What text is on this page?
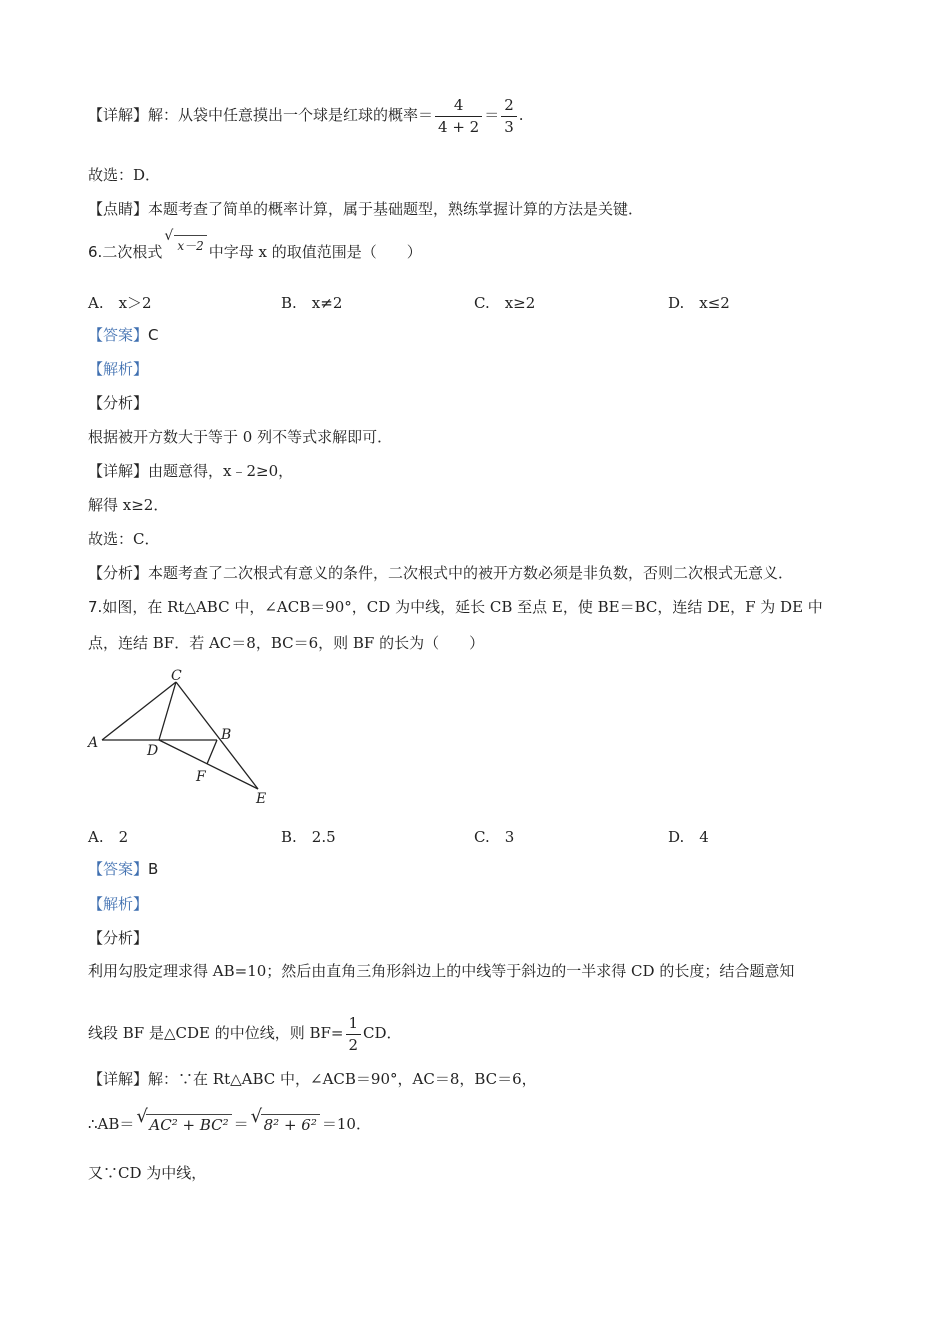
【详解】解：从袋中任意摸出一个球是红球的概率＝ $\frac{4}{4 + 2} = \frac{2}{3}$ .
故选：D．
【点睛】本题考查了简单的概率计算，属于基础题型，熟练掌握计算的方法是关键．
6.二次根式
√
x－2 中字母 x 的取值范围是（　　）
A.　x＞2	B.　x≠2	C.　x≥2	D.　x≤2
【答案】C
【解析】
【分析】
根据被开方数大于等于 0 列不等式求解即可．
【详解】由题意得，x﹣2≥0，
解得 x≥2．
故选：C．
【分析】本题考查了二次根式有意义的条件，二次根式中的被开方数必须是非负数，否则二次根式无意义．
7.如图，在 Rt△ABC 中，∠ACB＝90°，CD 为中线，延长 CB 至点 E，使 BE＝BC，连结 DE，F 为 DE 中
点，连结 BF．若 AC＝8，BC＝6，则 BF 的长为（　　）
C
A	B
D
F
E
A.　2	B.　2.5	C.　3	D.　4
【答案】B
【解析】
【分析】
利用勾股定理求得 AB=10；然后由直角三角形斜边上的中线等于斜边的一半求得 CD 的长度；结合题意知
线段 BF 是△CDE 的中位线，则 $BF= \frac{1}{2}$ CD．
【详解】解：∵在 Rt△ABC 中，∠ACB＝90°，AC＝8，BC＝6，
∴AB＝ √ AC² + BC² ＝ √ 8² + 6² ＝10．
又∵CD 为中线，
